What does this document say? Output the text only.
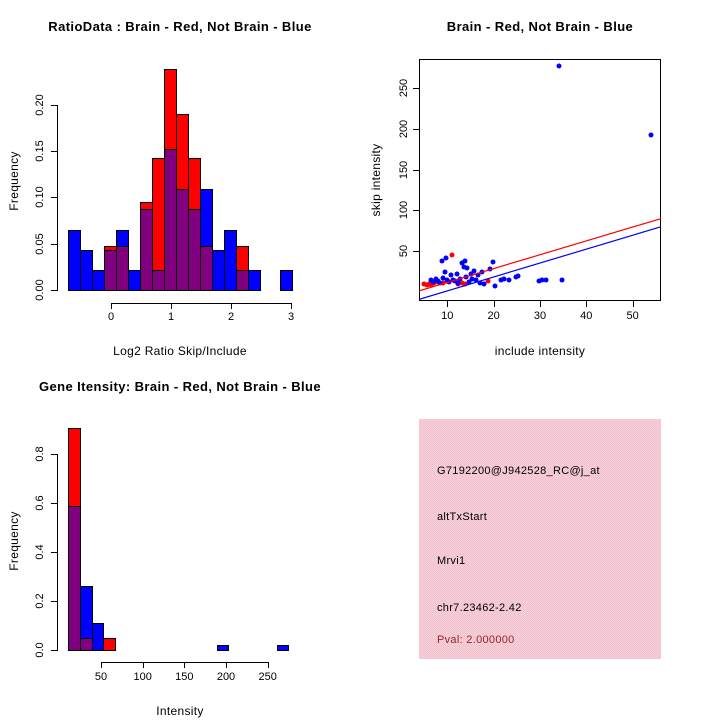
RatioData : Brain - Red, Not Brain - Blue
Frequency
Log2 Ratio Skip/Include
0.00
0.05
0.10
0.15
0.20
0	1	2	3
Brain - Red, Not Brain - Blue
skip intensity
include intensity
10	20	30	40	50
50
100
150
200
250
Gene Itensity: Brain - Red, Not Brain - Blue
Frequency
Intensity
0.0
0.2
0.4
0.6
0.8
50 100 150 200 250
G7192200@J942528_RC@j_at
altTxStart
Mrvi1
chr7.23462-2.42
Pval: 2.000000
